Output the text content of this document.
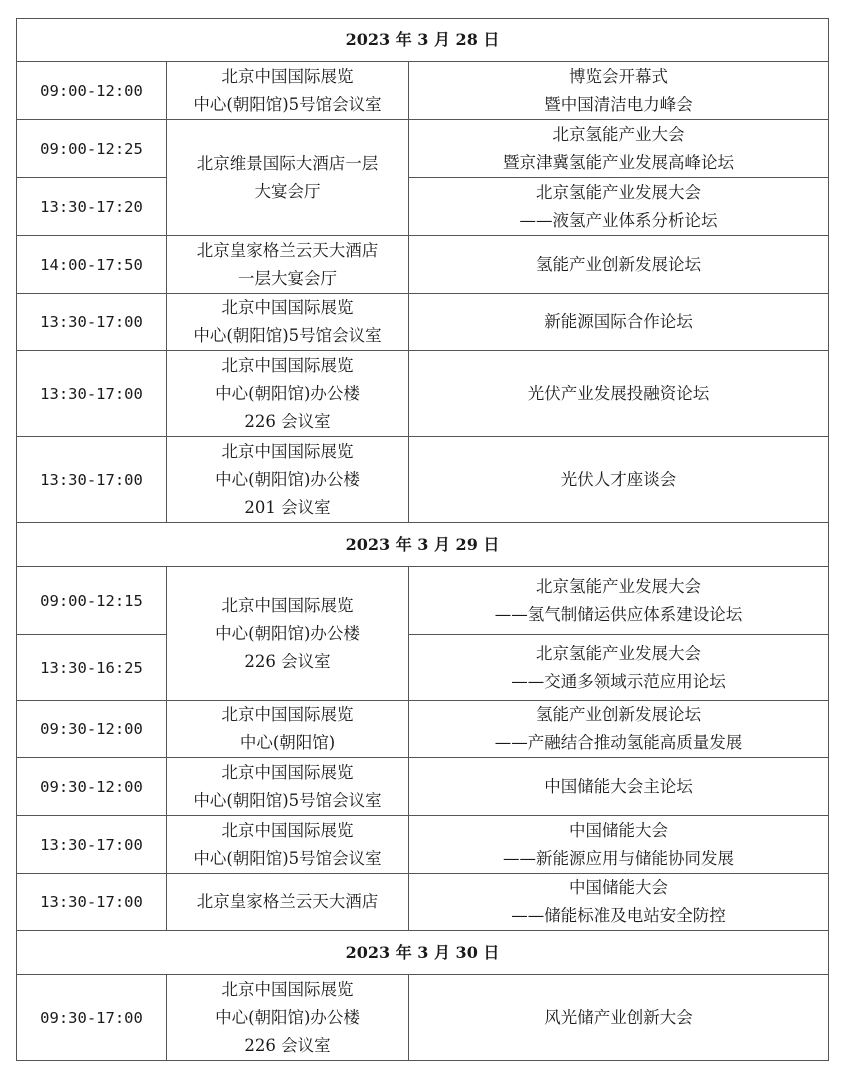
2023 年 3 月 28 日		
09:00-12:00	北京中国国际展览
中心(朝阳馆)5号馆会议室	博览会开幕式
暨中国清洁电力峰会
09:00-12:25	北京维景国际大酒店一层
大宴会厅	北京氢能产业大会
暨京津冀氢能产业发展高峰论坛
13:30-17:20		北京氢能产业发展大会
——液氢产业体系分析论坛
14:00-17:50	北京皇家格兰云天大酒店
一层大宴会厅	氢能产业创新发展论坛
13:30-17:00	北京中国国际展览
中心(朝阳馆)5号馆会议室	新能源国际合作论坛
13:30-17:00	北京中国国际展览
中心(朝阳馆)办公楼
226 会议室	光伏产业发展投融资论坛
13:30-17:00	北京中国国际展览
中心(朝阳馆)办公楼
201 会议室	光伏人才座谈会
2023 年 3 月 29 日		
09:00-12:15	北京中国国际展览
中心(朝阳馆)办公楼
226 会议室	北京氢能产业发展大会
——氢气制储运供应体系建设论坛
13:30-16:25		北京氢能产业发展大会
——交通多领域示范应用论坛
09:30-12:00	北京中国国际展览
中心(朝阳馆)	氢能产业创新发展论坛
——产融结合推动氢能高质量发展
09:30-12:00	北京中国国际展览
中心(朝阳馆)5号馆会议室	中国储能大会主论坛
13:30-17:00	北京中国国际展览
中心(朝阳馆)5号馆会议室	中国储能大会
——新能源应用与储能协同发展
13:30-17:00	北京皇家格兰云天大酒店	中国储能大会
——储能标准及电站安全防控
2023 年 3 月 30 日		
09:30-17:00	北京中国国际展览
中心(朝阳馆)办公楼
226 会议室	风光储产业创新大会
